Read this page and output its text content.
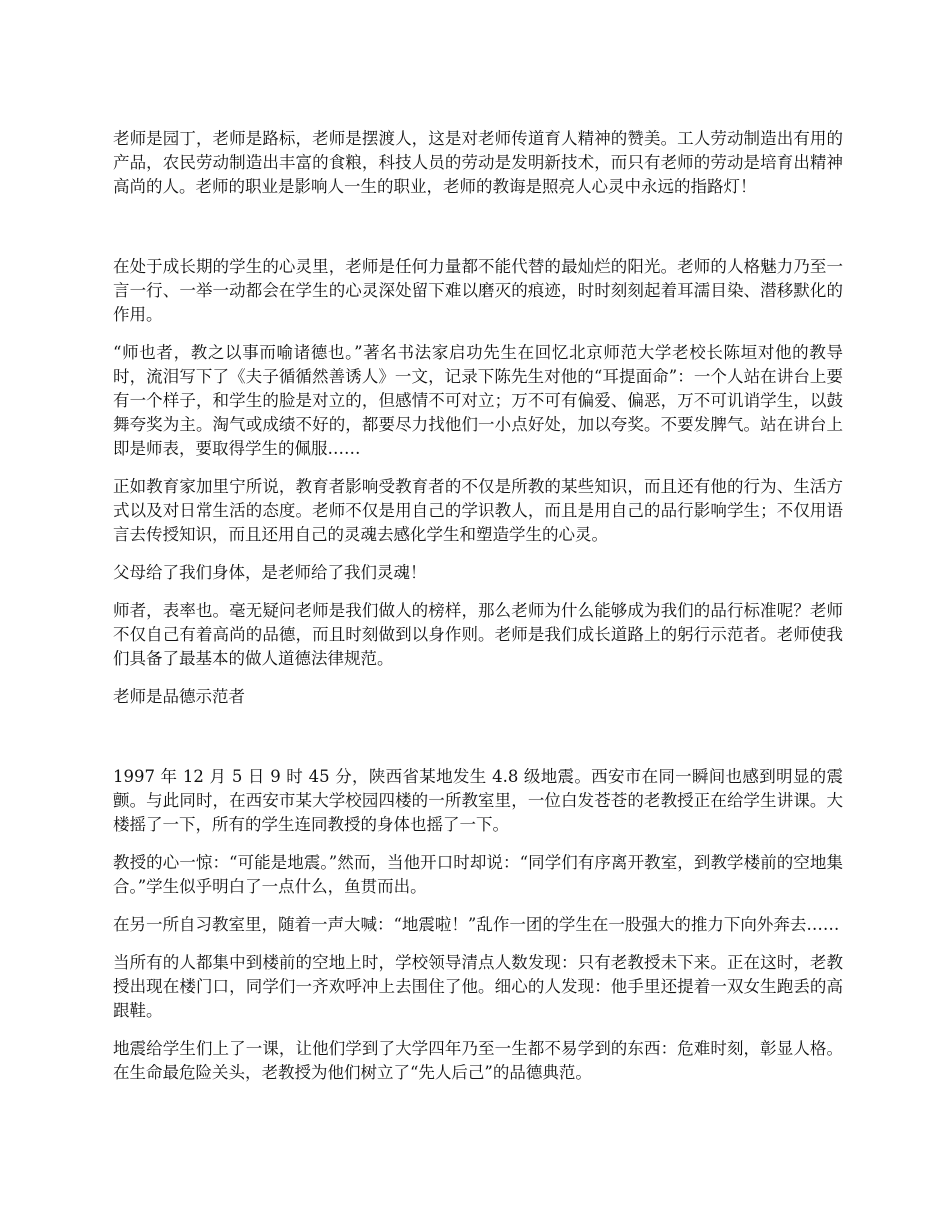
老师是园丁，老师是路标，老师是摆渡人，这是对老师传道育人精神的赞美。工人劳动制造出有用的产品，农民劳动制造出丰富的食粮，科技人员的劳动是发明新技术，而只有老师的劳动是培育出精神高尚的人。老师的职业是影响人一生的职业，老师的教诲是照亮人心灵中永远的指路灯！

在处于成长期的学生的心灵里，老师是任何力量都不能代替的最灿烂的阳光。老师的人格魅力乃至一言一行、一举一动都会在学生的心灵深处留下难以磨灭的痕迹，时时刻刻起着耳濡目染、潜移默化的作用。

“师也者，教之以事而喻诸德也。”著名书法家启功先生在回忆北京师范大学老校长陈垣对他的教导时，流泪写下了《夫子循循然善诱人》一文，记录下陈先生对他的“耳提面命”：一个人站在讲台上要有一个样子，和学生的脸是对立的，但感情不可对立；万不可有偏爱、偏恶，万不可讥诮学生，以鼓舞夸奖为主。淘气或成绩不好的，都要尽力找他们一小点好处，加以夸奖。不要发脾气。站在讲台上即是师表，要取得学生的佩服……

正如教育家加里宁所说，教育者影响受教育者的不仅是所教的某些知识，而且还有他的行为、生活方式以及对日常生活的态度。老师不仅是用自己的学识教人，而且是用自己的品行影响学生；不仅用语言去传授知识，而且还用自己的灵魂去感化学生和塑造学生的心灵。

父母给了我们身体，是老师给了我们灵魂！

师者，表率也。毫无疑问老师是我们做人的榜样，那么老师为什么能够成为我们的品行标准呢？老师不仅自己有着高尚的品德，而且时刻做到以身作则。老师是我们成长道路上的躬行示范者。老师使我们具备了最基本的做人道德法律规范。

老师是品德示范者

1997 年 12 月 5 日 9 时 45 分，陕西省某地发生 4.8 级地震。西安市在同一瞬间也感到明显的震颤。与此同时，在西安市某大学校园四楼的一所教室里，一位白发苍苍的老教授正在给学生讲课。大楼摇了一下，所有的学生连同教授的身体也摇了一下。

教授的心一惊：“可能是地震。”然而，当他开口时却说：“同学们有序离开教室，到教学楼前的空地集合。”学生似乎明白了一点什么，鱼贯而出。

在另一所自习教室里，随着一声大喊：“地震啦！”乱作一团的学生在一股强大的推力下向外奔去……

当所有的人都集中到楼前的空地上时，学校领导清点人数发现：只有老教授未下来。正在这时，老教授出现在楼门口，同学们一齐欢呼冲上去围住了他。细心的人发现：他手里还提着一双女生跑丢的高跟鞋。

地震给学生们上了一课，让他们学到了大学四年乃至一生都不易学到的东西：危难时刻，彰显人格。在生命最危险关头，老教授为他们树立了“先人后己”的品德典范。
